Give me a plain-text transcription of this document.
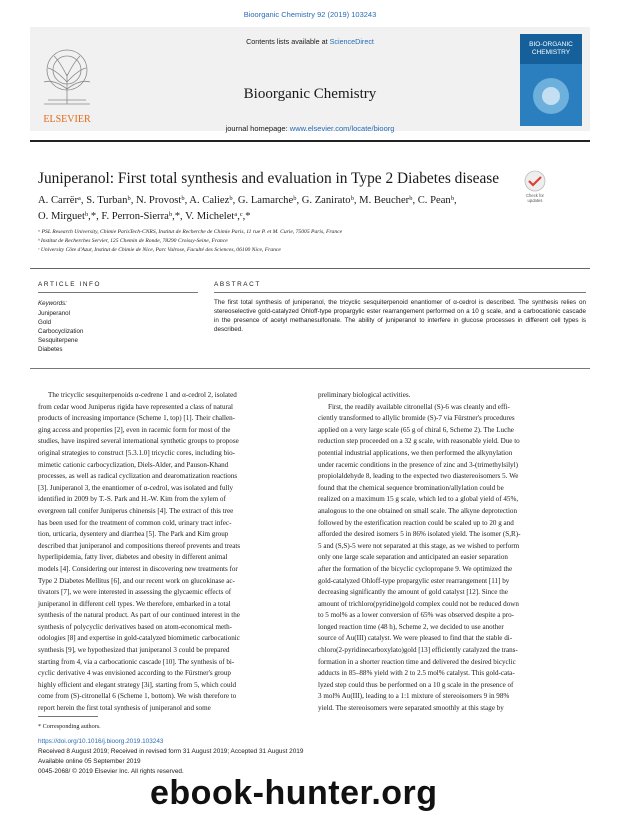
Bioorganic Chemistry 92 (2019) 103243
ELSEVIER
Contents lists available at ScienceDirect
Bioorganic Chemistry
journal homepage: www.elsevier.com/locate/bioorg
BIO-ORGANIC
CHEMISTRY
Juniperanol: First total synthesis and evaluation in Type 2 Diabetes disease
Check for
updates
A. Carrërᵃ, S. Turbanᵇ, N. Provostᵇ, A. Caliezᵇ, G. Lamarcheᵇ, G. Zaniratoᵇ, M. Beucherᵇ, C. Peanᵇ,
O. Mirguetᵇ,*, F. Perron-Sierraᵇ,*, V. Micheletᵃ,ᶜ,*
ᵃ PSL Research University, Chimie ParisTech-CNRS, Institut de Recherche de Chimie Paris, 11 rue P. et M. Curie, 75005 Paris, France
ᵇ Institut de Recherches Servier, 125 Chemin de Ronde, 78290 Croissy-Seine, France
ᶜ University Côte d'Azur, Institut de Chimie de Nice, Parc Valrose, Faculté des Sciences, 06100 Nice, France
ARTICLE INFO	ABSTRACT
Keywords:
Juniperanol
Gold
Carbocyclization
Sesquiterpene
Diabetes
The first total synthesis of juniperanol, the tricyclic sesquiterpenoid enantiomer of α-cedrol is described. The synthesis relies on stereoselective gold-catalyzed Ohloff-type propargylic ester rearrangement performed on a 10 g scale, and a carbocationic cascade in the presence of acetyl methanesulfonate. The ability of juniperanol to interfere in glucose processes in different cell types is described.
The tricyclic sesquiterpenoids α-cedrene 1 and α-cedrol 2, isolated
from cedar wood Juniperus rigida have represented a class of natural
products of increasing importance (Scheme 1, top) [1]. Their challen-
ging access and properties [2], even in racemic form for most of the
studies, have inspired several international synthetic groups to propose
original strategies to construct [5.3.1.0] tricyclic cores, including bio-
mimetic cationic carbocyclization, Diels-Alder, and Pauson-Khand
processes, as well as radical cyclization and dearomatization reactions
[3]. Juniperanol 3, the enantiomer of α-cedrol, was isolated and fully
identified in 2009 by T.-S. Park and H.-W. Kim from the xylem of
evergreen tall conifer Juniperus chinensis [4]. The extract of this tree
has been used for the treatment of common cold, urinary tract infec-
tion, urticaria, dysentery and diarrhea [5]. The Park and Kim group
described that juniperanol and compositions thereof prevents and treats
hyperlipidemia, fatty liver, diabetes and obesity in different animal
models [4]. Considering our interest in discovering new treatments for
Type 2 Diabetes Mellitus [6], and our recent work on glucokinase ac-
tivators [7], we were interested in assessing the glycaemic effects of
juniperanol in different cell types. We therefore, embarked in a total
synthesis of the natural product. As part of our continued interest in the
synthesis of polycyclic derivatives based on atom-economical meth-
odologies [8] and expertise in gold-catalyzed biomimetic carbocationic
synthesis [9], we hypothesized that juniperanol 3 could be prepared
starting from 4, via a carbocationic cascade [10]. The synthesis of bi-
cyclic derivative 4 was envisioned according to the Fürstner's group
highly efficient and elegant strategy [3i], starting from 5, which could
come from (S)-citronellal 6 (Scheme 1, bottom). We wish therefore to
report herein the first total synthesis of juniperanol and some
preliminary biological activities.
First, the readily available citronellal (S)-6 was cleanly and effi-
ciently transformed to allylic bromide (S)-7 via Fürstner's procedures
applied on a very large scale (65 g of chiral 6, Scheme 2). The Luche
reduction step proceeded on a 32 g scale, with reasonable yield. Due to
potential industrial applications, we then performed the alkynylation
under racemic conditions in the presence of zinc and 3-(trimethylsilyl)
propiolaldehyde 8, leading to the expected two diastereoisomers 5. We
found that the chemical sequence bromination/allylation could be
realized on a maximum 15 g scale, which led to a global yield of 45%,
analogous to the one obtained on small scale. The alkyne deprotection
followed by the esterification reaction could be scaled up to 20 g and
afforded the desired isomers 5 in 86% isolated yield. The isomer (S,R)-
5 and (S,S)-5 were not separated at this stage, as we wished to perform
only one large scale separation and anticipated an easier separation
after the formation of the bicyclic cyclopropane 9. We optimized the
gold-catalyzed Ohloff-type propargylic ester rearrangement [11] by
decreasing significantly the amount of gold catalyst [12]. Since the
amount of trichloro(pyridine)gold complex could not be reduced down
to 5 mol% as a lower conversion of 65% was observed despite a pro-
longed reaction time (48 h), Scheme 2, we decided to use another
source of Au(III) catalyst. We were pleased to find that the stable di-
chloro(2-pyridinecarboxylato)gold [13] efficiently catalyzed the trans-
formation in a shorter reaction time and delivered the desired bicyclic
adducts in 85–88% yield with 2 to 2.5 mol% catalyst. This gold-cata-
lyzed step could thus be performed on a 10 g scale in the presence of
3 mol% Au(III), leading to a 1:1 mixture of stereoisomers 9 in 98%
yield. The stereoisomers were separated smoothly at this stage by
* Corresponding authors.
https://doi.org/10.1016/j.bioorg.2019.103243
Received 8 August 2019; Received in revised form 31 August 2019; Accepted 31 August 2019
Available online 05 September 2019
0045-2068/ © 2019 Elsevier Inc. All rights reserved.
ebook-hunter.org
